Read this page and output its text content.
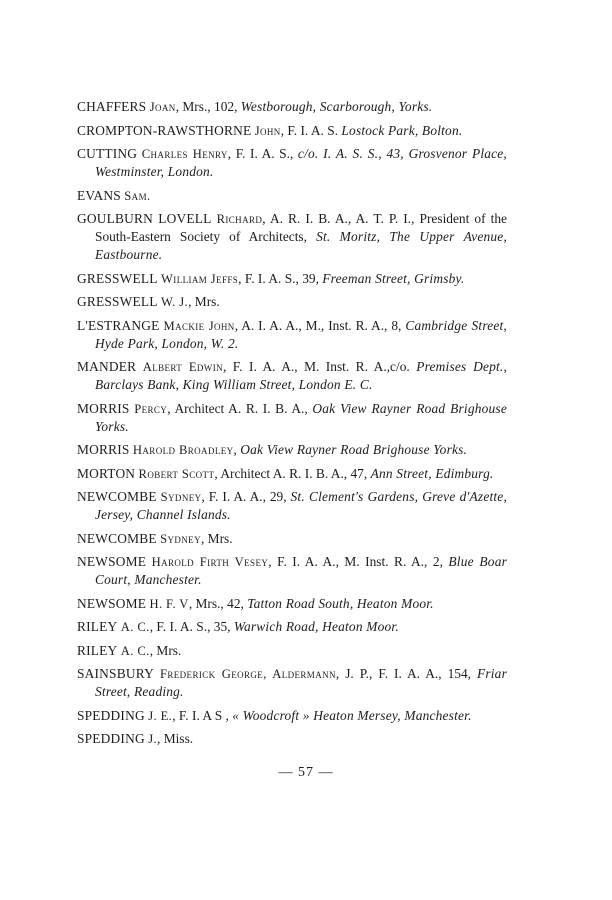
CHAFFERS Joan, Mrs., 102, Westborough, Scarborough, Yorks.
CROMPTON-RAWSTHORNE John, F. I. A. S. Lostock Park, Bolton.
CUTTING Charles Henry, F. I. A. S., c/o. I. A. S. S., 43, Grosvenor Place, Westminster, London.
EVANS Sam.
GOULBURN LOVELL Richard, A. R. I. B. A., A. T. P. I., President of the South-Eastern Society of Architects, St. Moritz, The Upper Avenue, Eastbourne.
GRESSWELL William Jeffs, F. I. A. S., 39, Freeman Street, Grimsby.
GRESSWELL W. J., Mrs.
L'ESTRANGE Mackie John, A. I. A. A., M., Inst. R. A., 8, Cambridge Street, Hyde Park, London, W. 2.
MANDER Albert Edwin, F. I. A. A., M. Inst. R. A.,c/o. Premises Dept., Barclays Bank, King William Street, London E. C.
MORRIS Percy, Architect A. R. I. B. A., Oak View Rayner Road Brighouse Yorks.
MORRIS Harold Broadley, Oak View Rayner Road Brighouse Yorks.
MORTON Robert Scott, Architect A. R. I. B. A., 47, Ann Street, Edimburg.
NEWCOMBE Sydney, F. I. A. A., 29, St. Clement's Gardens, Greve d'Azette, Jersey, Channel Islands.
NEWCOMBE Sydney, Mrs.
NEWSOME Harold Firth Vesey, F. I. A. A., M. Inst. R. A., 2, Blue Boar Court, Manchester.
NEWSOME H. F. V, Mrs., 42, Tatton Road South, Heaton Moor.
RILEY A. C., F. I. A. S., 35, Warwich Road, Heaton Moor.
RILEY A. C., Mrs.
SAINSBURY Frederick George, Aldermann, J. P., F. I. A. A., 154, Friar Street, Reading.
SPEDDING J. E., F. I. A S , « Woodcroft » Heaton Mersey, Manchester.
SPEDDING J., Miss.
— 57 —
